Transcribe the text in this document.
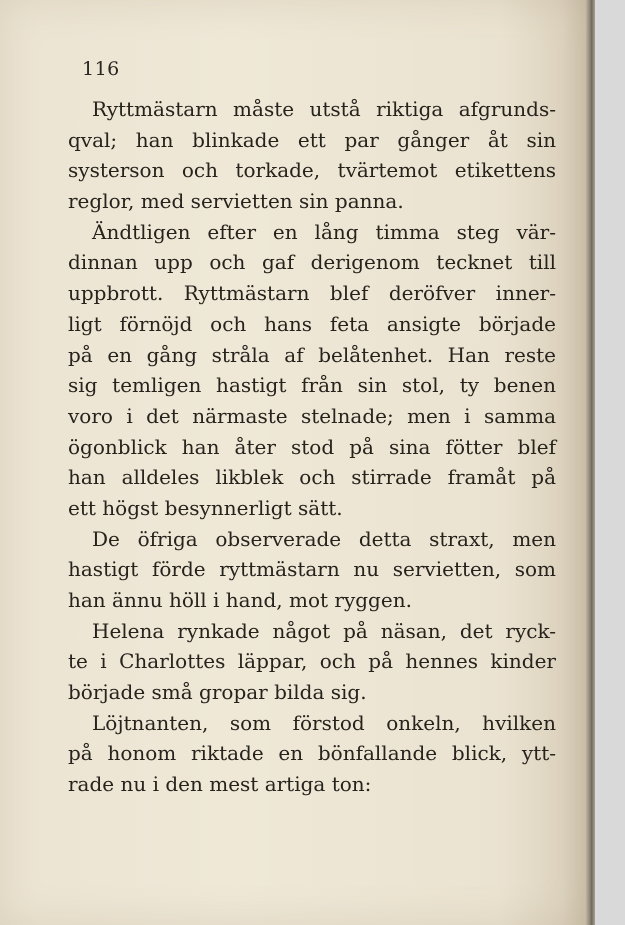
116
Ryttmästarn måste utstå riktiga afgrunds-
qval; han blinkade ett par gånger åt sin
systerson och torkade, tvärtemot etikettens
reglor, med servietten sin panna.
Ändtligen efter en lång timma steg vär-
dinnan upp och gaf derigenom tecknet till
uppbrott. Ryttmästarn blef deröfver inner-
ligt förnöjd och hans feta ansigte började
på en gång stråla af belåtenhet. Han reste
sig temligen hastigt från sin stol, ty benen
voro i det närmaste stelnade; men i samma
ögonblick han åter stod på sina fötter blef
han alldeles likblek och stirrade framåt på
ett högst besynnerligt sätt.
De öfriga observerade detta straxt, men
hastigt förde ryttmästarn nu servietten, som
han ännu höll i hand, mot ryggen.
Helena rynkade något på näsan, det ryck-
te i Charlottes läppar, och på hennes kinder
började små gropar bilda sig.
Löjtnanten, som förstod onkeln, hvilken
på honom riktade en bönfallande blick, ytt-
rade nu i den mest artiga ton:
